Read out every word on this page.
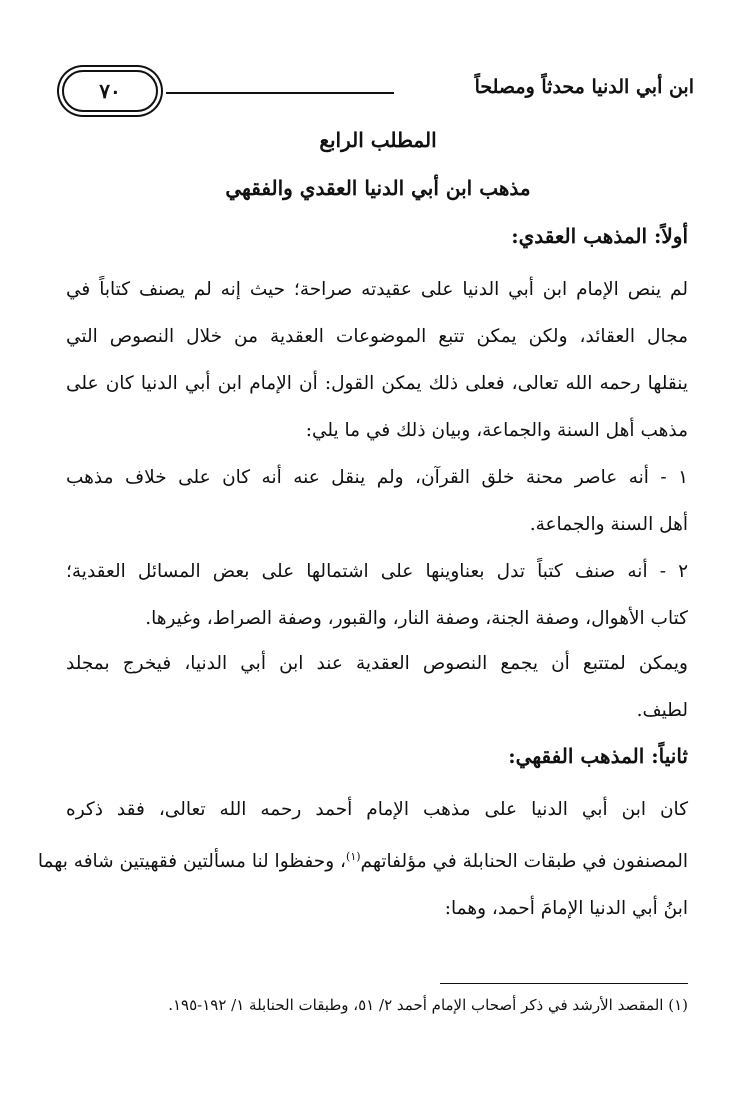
٧٠	ابن أبي الدنيا محدثاً ومصلحاً
المطلب الرابع
مذهب ابن أبي الدنيا العقدي والفقهي
أولاً: المذهب العقدي:
لم ينص الإمام ابن أبي الدنيا على عقيدته صراحة؛ حيث إنه لم يصنف كتاباً في
مجال العقائد، ولكن يمكن تتبع الموضوعات العقدية من خلال النصوص التي
ينقلها رحمه الله تعالى، فعلى ذلك يمكن القول: أن الإمام ابن أبي الدنيا كان على
مذهب أهل السنة والجماعة، وبيان ذلك في ما يلي:
١ - أنه عاصر محنة خلق القرآن، ولم ينقل عنه أنه كان على خلاف مذهب
أهل السنة والجماعة.
٢ - أنه صنف كتباً تدل بعناوينها على اشتمالها على بعض المسائل العقدية؛
كتاب الأهوال، وصفة الجنة، وصفة النار، والقبور، وصفة الصراط، وغيرها.
ويمكن لمتتبع أن يجمع النصوص العقدية عند ابن أبي الدنيا، فيخرج بمجلد
لطيف.
ثانياً: المذهب الفقهي:
كان ابن أبي الدنيا على مذهب الإمام أحمد رحمه الله تعالى، فقد ذكره
المصنفون في طبقات الحنابلة في مؤلفاتهم$^{(١)}$، وحفظوا لنا مسألتين فقهيتين شافه بهما
ابنُ أبي الدنيا الإمامَ أحمد، وهما:
(١) المقصد الأرشد في ذكر أصحاب الإمام أحمد ٢/ ٥١، وطبقات الحنابلة ١/ ١٩٢-١٩٥.
